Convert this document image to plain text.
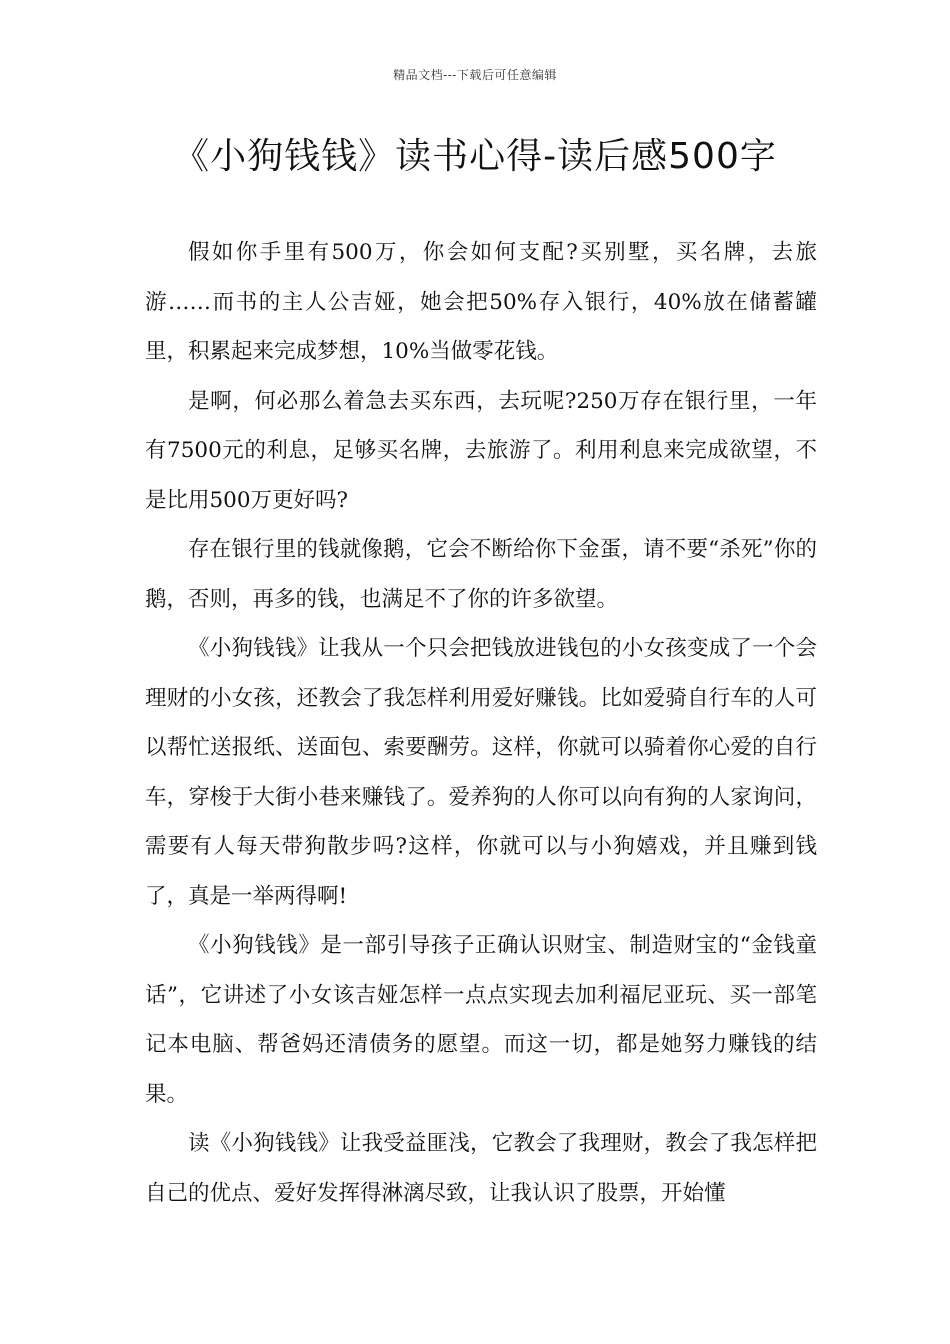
精品文档---下载后可任意编辑
《小狗钱钱》读书心得-读后感500字

假如你手里有500万，你会如何支配?买别墅，买名牌，去旅游……而书的主人公吉娅，她会把50%存入银行，40%放在储蓄罐里，积累起来完成梦想，10%当做零花钱。

是啊，何必那么着急去买东西，去玩呢?250万存在银行里，一年有7500元的利息，足够买名牌，去旅游了。利用利息来完成欲望，不是比用500万更好吗?

存在银行里的钱就像鹅，它会不断给你下金蛋，请不要“杀死”你的鹅，否则，再多的钱，也满足不了你的许多欲望。

《小狗钱钱》让我从一个只会把钱放进钱包的小女孩变成了一个会理财的小女孩，还教会了我怎样利用爱好赚钱。比如爱骑自行车的人可以帮忙送报纸、送面包、索要酬劳。这样，你就可以骑着你心爱的自行车，穿梭于大街小巷来赚钱了。爱养狗的人你可以向有狗的人家询问，需要有人每天带狗散步吗?这样，你就可以与小狗嬉戏，并且赚到钱了，真是一举两得啊!

《小狗钱钱》是一部引导孩子正确认识财宝、制造财宝的“金钱童话”，它讲述了小女该吉娅怎样一点点实现去加利福尼亚玩、买一部笔记本电脑、帮爸妈还清债务的愿望。而这一切，都是她努力赚钱的结果。

读《小狗钱钱》让我受益匪浅，它教会了我理财，教会了我怎样把自己的优点、爱好发挥得淋漓尽致，让我认识了股票，开始懂
